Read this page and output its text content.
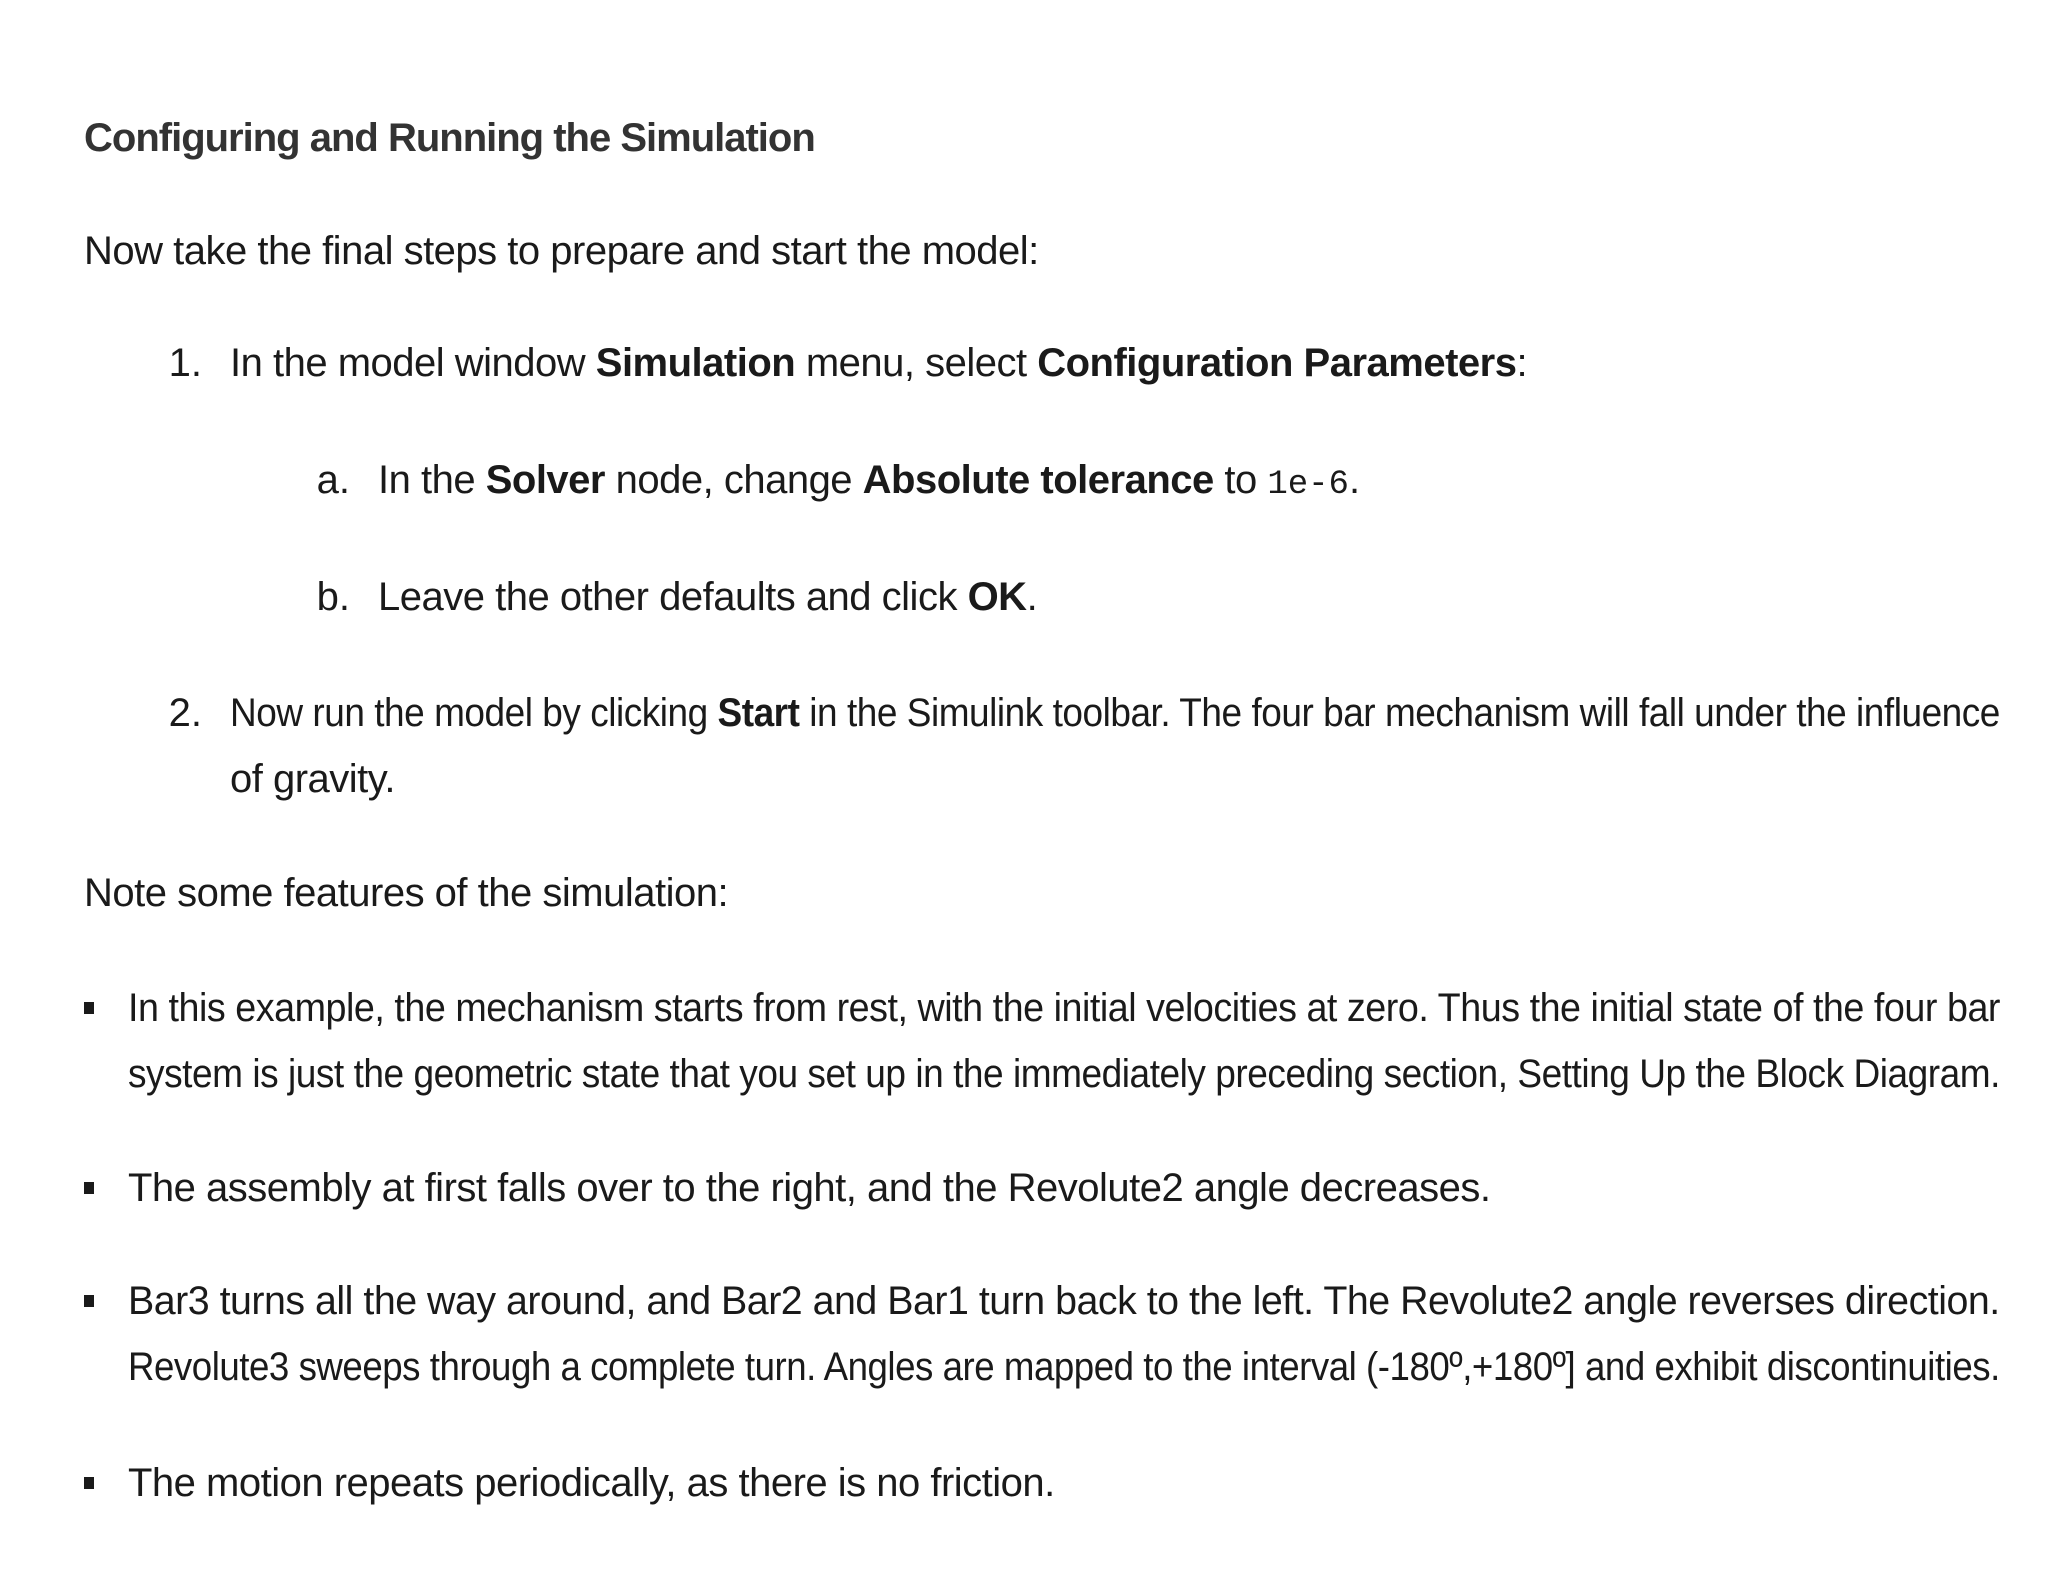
Configuring and Running the Simulation
Now take the final steps to prepare and start the model:
1. In the model window Simulation menu, select Configuration Parameters:
a. In the Solver node, change Absolute tolerance to 1e-6.
b. Leave the other defaults and click OK.
2. Now run the model by clicking Start in the Simulink toolbar. The four bar mechanism will fall under the influence
of gravity.
Note some features of the simulation:
In this example, the mechanism starts from rest, with the initial velocities at zero. Thus the initial state of the four bar
system is just the geometric state that you set up in the immediately preceding section, Setting Up the Block Diagram.
The assembly at first falls over to the right, and the Revolute2 angle decreases.
Bar3 turns all the way around, and Bar2 and Bar1 turn back to the left. The Revolute2 angle reverses direction.
Revolute3 sweeps through a complete turn. Angles are mapped to the interval (-180º,+180º] and exhibit discontinuities.
The motion repeats periodically, as there is no friction.
